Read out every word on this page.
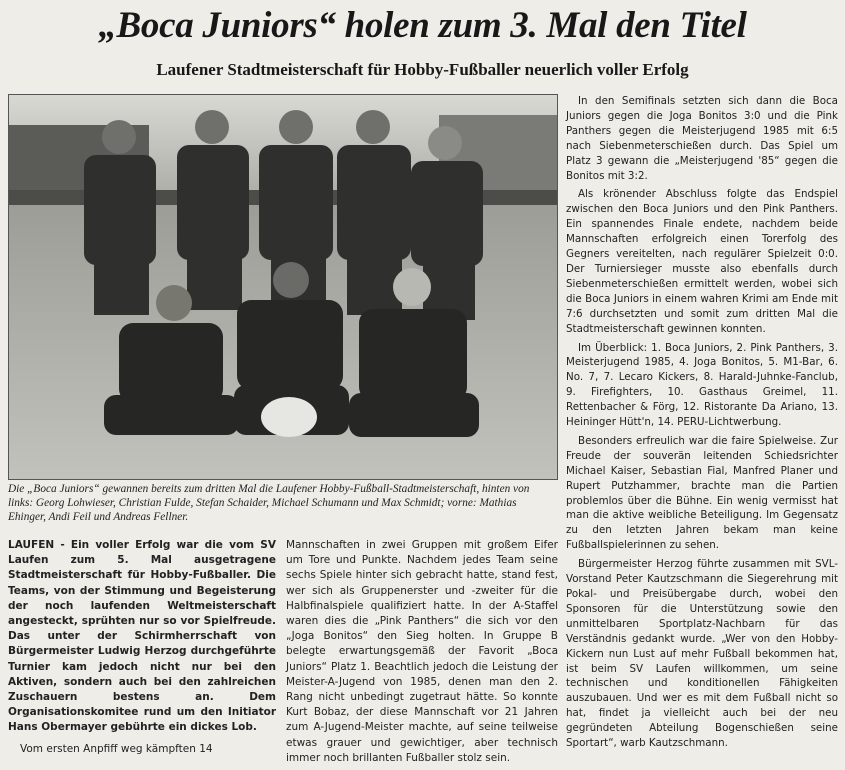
„Boca Juniors“ holen zum 3. Mal den Titel
Laufener Stadtmeisterschaft für Hobby-Fußballer neuerlich voller Erfolg
Die „Boca Juniors“ gewannen bereits zum dritten Mal die Laufener Hobby-Fußball-Stadtmeisterschaft, hinten von links: Georg Lohwieser, Christian Fulde, Stefan Schaider, Michael Schumann und Max Schmidt; vorne: Mathias Ehinger, Andi Feil und Andreas Fellner.

LAUFEN - Ein voller Erfolg war die vom SV Laufen zum 5. Mal ausgetragene Stadtmeisterschaft für Hobby-Fußballer. Die Teams, von der Stimmung und Begeisterung der noch laufenden Weltmeisterschaft angesteckt, sprühten nur so vor Spielfreude. Das unter der Schirmherrschaft von Bürgermeister Ludwig Herzog durchgeführte Turnier kam jedoch nicht nur bei den Aktiven, sondern auch bei den zahlreichen Zuschauern bestens an. Dem Organisationskomitee rund um den Initiator Hans Obermayer gebührte ein dickes Lob.

Vom ersten Anpfiff weg kämpften 14

In den Semifinals setzten sich dann die Boca Juniors gegen die Joga Bonitos 3:0 und die Pink Panthers gegen die Meisterjugend 1985 mit 6:5 nach Siebenmeterschießen durch. Das Spiel um Platz 3 gewann die „Meisterjugend '85“ gegen die Bonitos mit 3:2.

Als krönender Abschluss folgte das Endspiel zwischen den Boca Juniors und den Pink Panthers. Ein spannendes Finale endete, nachdem beide Mannschaften erfolgreich einen Torerfolg des Gegners vereitelten, nach regulärer Spielzeit 0:0. Der Turniersieger musste also ebenfalls durch Siebenmeterschießen ermittelt werden, wobei sich die Boca Juniors in einem wahren Krimi am Ende mit 7:6 durchsetzten und somit zum dritten Mal die Stadtmeisterschaft gewinnen konnten.

Im Überblick: 1. Boca Juniors, 2. Pink Panthers, 3. Meisterjugend 1985, 4. Joga Bonitos, 5. M1-Bar, 6. No. 7, 7. Lecaro Kickers, 8. Harald-Juhnke-Fanclub, 9. Firefighters, 10. Gasthaus Greimel, 11. Rettenbacher & Förg, 12. Ristorante Da Ariano, 13. Heininger Hütt'n, 14. PERU-Lichtwerbung.

Besonders erfreulich war die faire Spielweise. Zur Freude der souverän leitenden Schiedsrichter Michael Kaiser, Sebastian Fial, Manfred Planer und Rupert Putzhammer, brachte man die Partien problemlos über die Bühne. Ein wenig vermisst hat man die aktive weibliche Beteiligung. Im Gegensatz zu den letzten Jahren bekam man keine Fußballspielerinnen zu sehen.

Bürgermeister Herzog führte zusammen mit SVL-Vorstand Peter Kautzschmann die Siegerehrung mit Pokal- und Preisübergabe durch, wobei den Sponsoren für die Unterstützung sowie den unmittelbaren Sportplatz-Nachbarn für das Verständnis gedankt wurde. „Wer von den Hobby-Kickern nun Lust auf mehr Fußball bekommen hat, ist beim SV Laufen willkommen, um seine technischen und konditionellen Fähigkeiten auszubauen. Und wer es mit dem Fußball nicht so hat, findet ja vielleicht auch bei der neu gegründeten Abteilung Bogenschießen seine Sportart“, warb Kautzschmann.

Mannschaften in zwei Gruppen mit großem Eifer um Tore und Punkte. Nachdem jedes Team seine sechs Spiele hinter sich gebracht hatte, stand fest, wer sich als Gruppenerster und -zweiter für die Halbfinalspiele qualifiziert hatte. In der A-Staffel waren dies die „Pink Panthers“ die sich vor den „Joga Bonitos“ den Sieg holten. In Gruppe B belegte erwartungsgemäß der Favorit „Boca Juniors“ Platz 1. Beachtlich jedoch die Leistung der Meister-A-Jugend von 1985, denen man den 2. Rang nicht unbedingt zugetraut hätte. So konnte Kurt Bobaz, der diese Mannschaft vor 21 Jahren zum A-Jugend-Meister machte, auf seine teilweise etwas grauer und gewichtiger, aber technisch immer noch brillanten Fußballer stolz sein.
